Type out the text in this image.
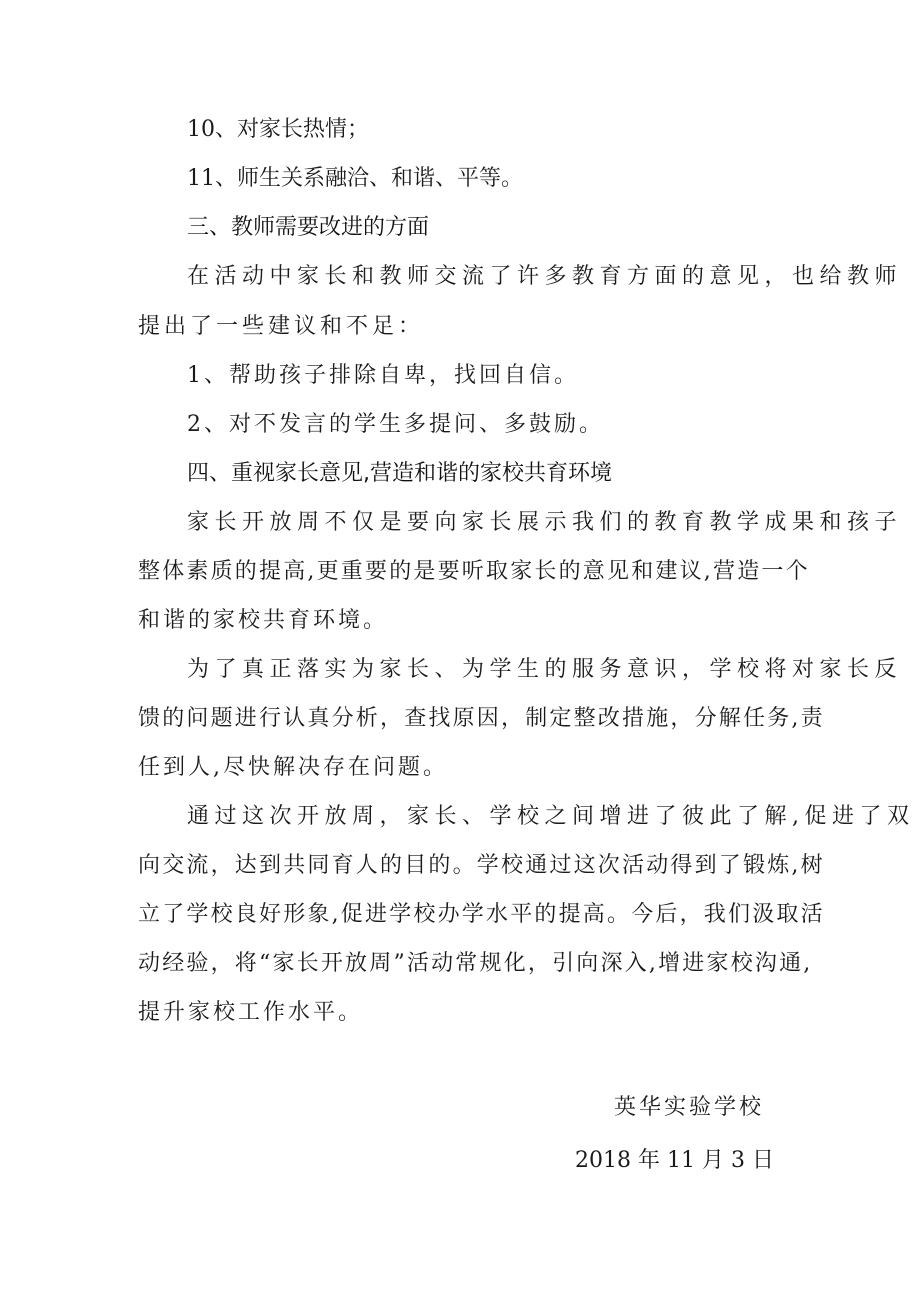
10、对家长热情；
11、师生关系融洽、和谐、平等。
三、教师需要改进的方面
在活动中家长和教师交流了许多教育方面的意见，也给教师
提出了一些建议和不足：
1、帮助孩子排除自卑，找回自信。
2、对不发言的学生多提问、多鼓励。
四、重视家长意见,营造和谐的家校共育环境
家长开放周不仅是要向家长展示我们的教育教学成果和孩子
整体素质的提高,更重要的是要听取家长的意见和建议,营造一个
和谐的家校共育环境。
为了真正落实为家长、为学生的服务意识，学校将对家长反
馈的问题进行认真分析，查找原因，制定整改措施，分解任务,责
任到人,尽快解决存在问题。
通过这次开放周，家长、学校之间增进了彼此了解,促进了双
向交流，达到共同育人的目的。学校通过这次活动得到了锻炼,树
立了学校良好形象,促进学校办学水平的提高。今后，我们汲取活
动经验，将“家长开放周”活动常规化，引向深入,增进家校沟通,
提升家校工作水平。
英华实验学校
2018 年 11 月 3 日
